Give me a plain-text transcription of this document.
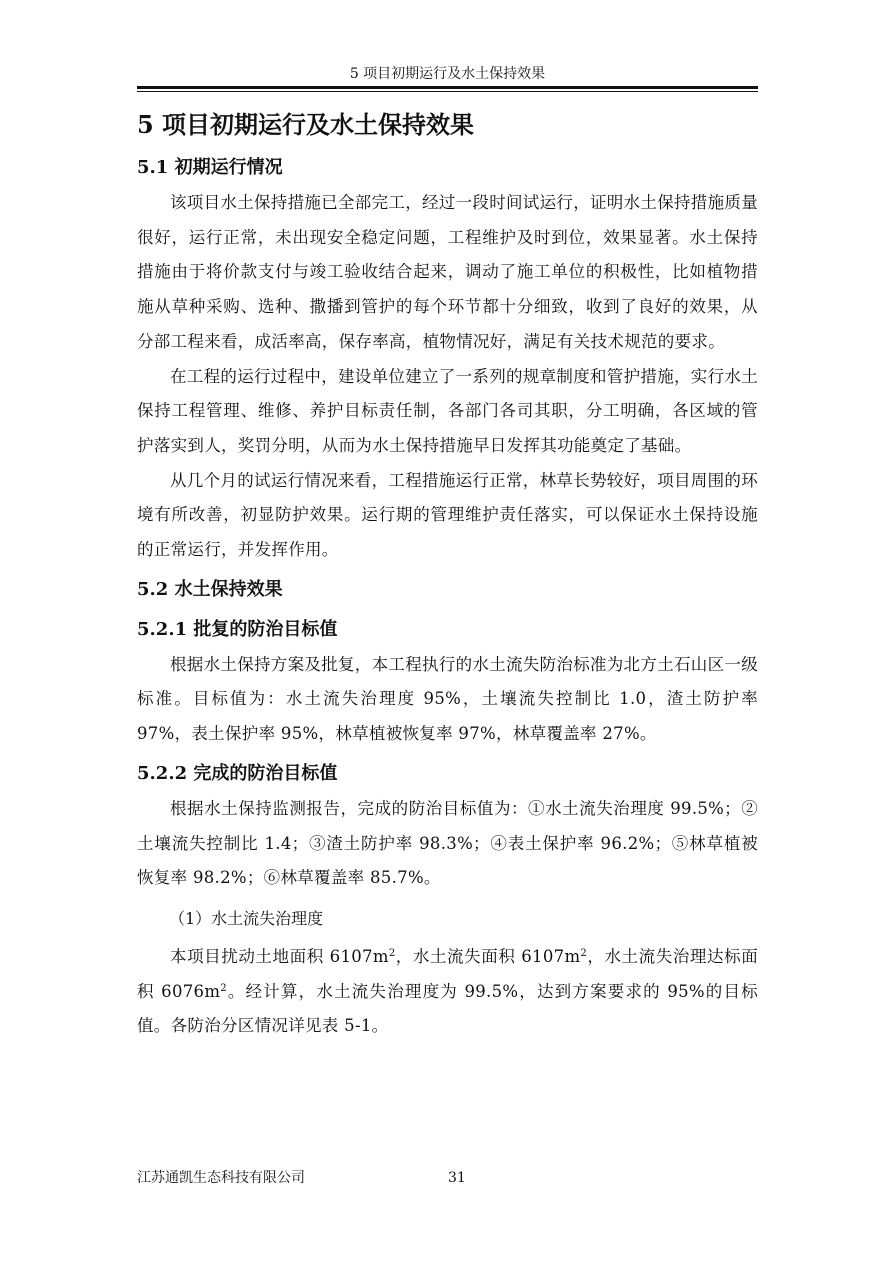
5 项目初期运行及水土保持效果
5 项目初期运行及水土保持效果
5.1 初期运行情况

该项目水土保持措施已全部完工，经过一段时间试运行，证明水土保持措施质量很好，运行正常，未出现安全稳定问题，工程维护及时到位，效果显著。水土保持措施由于将价款支付与竣工验收结合起来，调动了施工单位的积极性，比如植物措施从草种采购、选种、撒播到管护的每个环节都十分细致，收到了良好的效果，从分部工程来看，成活率高，保存率高，植物情况好，满足有关技术规范的要求。

在工程的运行过程中，建设单位建立了一系列的规章制度和管护措施，实行水土保持工程管理、维修、养护目标责任制，各部门各司其职，分工明确，各区域的管护落实到人，奖罚分明，从而为水土保持措施早日发挥其功能奠定了基础。

从几个月的试运行情况来看，工程措施运行正常，林草长势较好，项目周围的环境有所改善，初显防护效果。运行期的管理维护责任落实，可以保证水土保持设施的正常运行，并发挥作用。

5.2 水土保持效果
5.2.1 批复的防治目标值

根据水土保持方案及批复，本工程执行的水土流失防治标准为北方土石山区一级标准。目标值为：水土流失治理度 95%，土壤流失控制比 1.0，渣土防护率 97%，表土保护率 95%，林草植被恢复率 97%，林草覆盖率 27%。

5.2.2 完成的防治目标值

根据水土保持监测报告，完成的防治目标值为：①水土流失治理度 99.5%；②土壤流失控制比 1.4；③渣土防护率 98.3%；④表土保护率 96.2%；⑤林草植被恢复率 98.2%；⑥林草覆盖率 85.7%。

（1）水土流失治理度

本项目扰动土地面积 $6107m^2$，水土流失面积 $6107m^2$，水土流失治理达标面积 $6076m^2$。经计算，水土流失治理度为 99.5%，达到方案要求的 95%的目标值。各防治分区情况详见表 5-1。

江苏通凯生态科技有限公司	31
